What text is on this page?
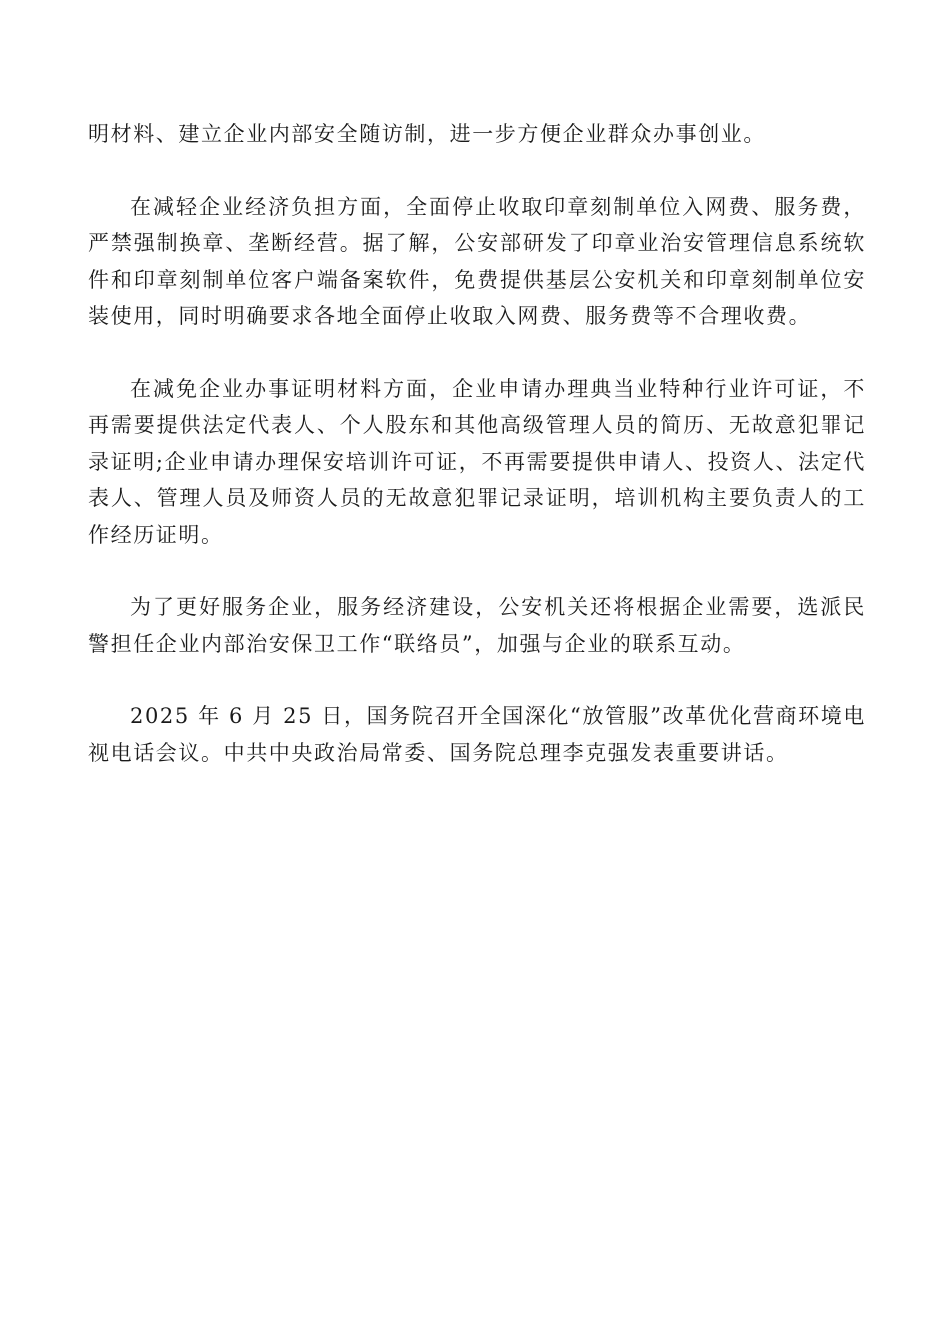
明材料、建立企业内部安全随访制，进一步方便企业群众办事创业。

在减轻企业经济负担方面，全面停止收取印章刻制单位入网费、服务费，严禁强制换章、垄断经营。据了解，公安部研发了印章业治安管理信息系统软件和印章刻制单位客户端备案软件，免费提供基层公安机关和印章刻制单位安装使用，同时明确要求各地全面停止收取入网费、服务费等不合理收费。

在减免企业办事证明材料方面，企业申请办理典当业特种行业许可证，不再需要提供法定代表人、个人股东和其他高级管理人员的简历、无故意犯罪记录证明;企业申请办理保安培训许可证，不再需要提供申请人、投资人、法定代表人、管理人员及师资人员的无故意犯罪记录证明，培训机构主要负责人的工作经历证明。

为了更好服务企业，服务经济建设，公安机关还将根据企业需要，选派民警担任企业内部治安保卫工作“联络员”，加强与企业的联系互动。

2025 年 6 月 25 日，国务院召开全国深化“放管服”改革优化营商环境电视电话会议。中共中央政治局常委、国务院总理李克强发表重要讲话。
